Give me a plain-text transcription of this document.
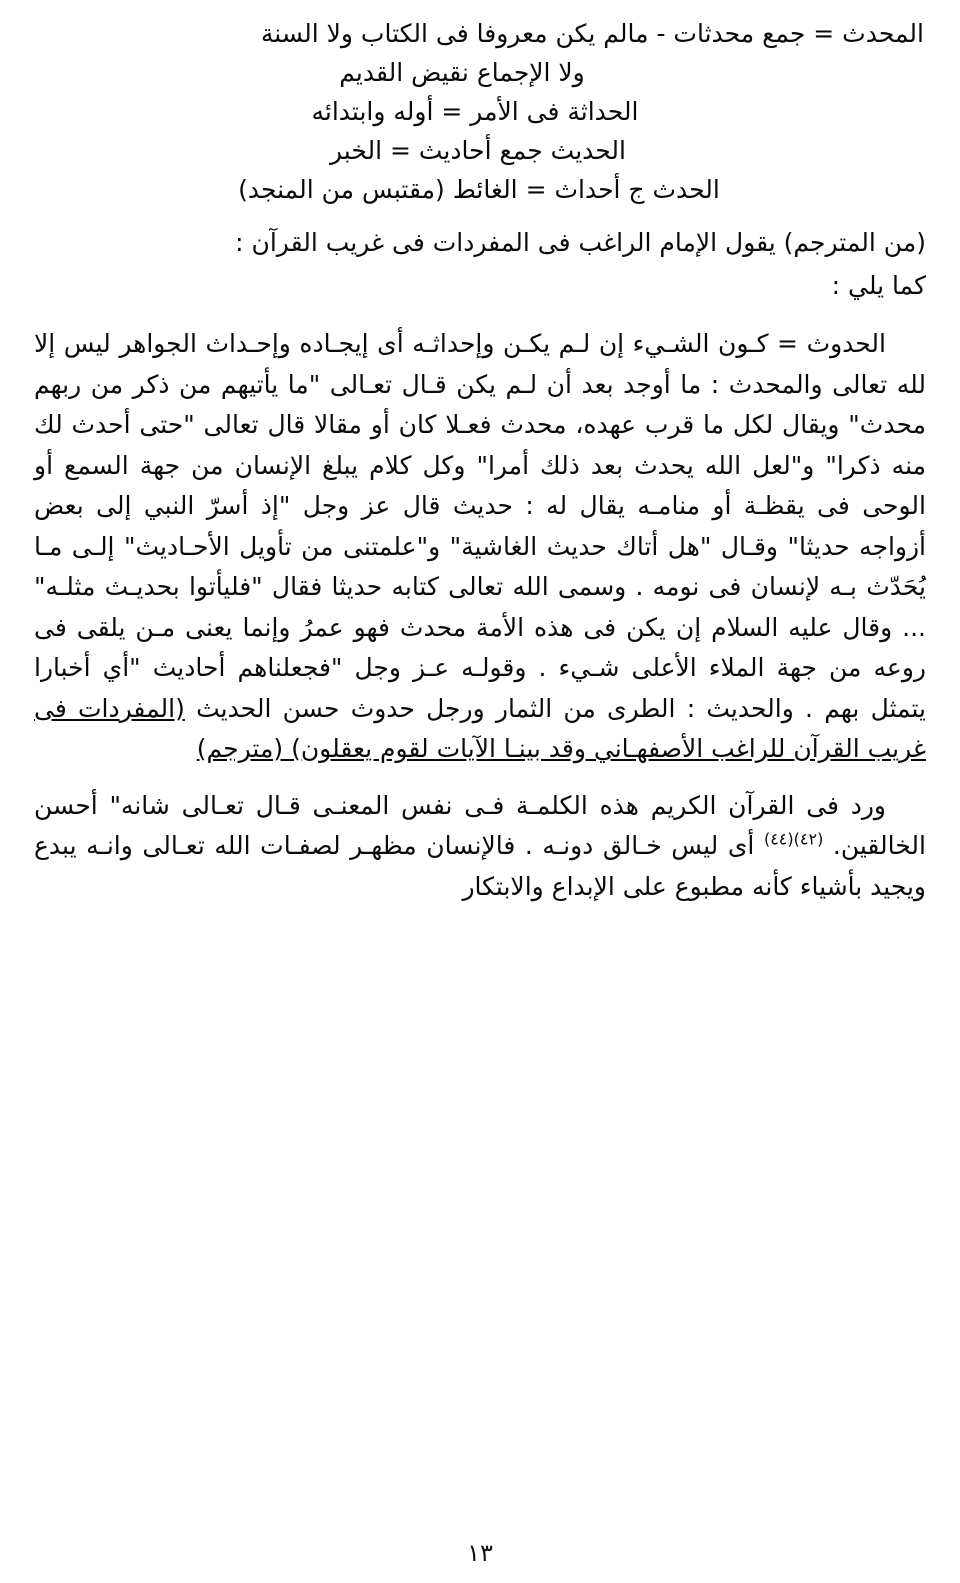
المحدث = جمع محدثات - مالم يكن معروفا فى الكتاب ولا السنة
ولا الإجماع نقيض القديم
الحداثة فى الأمر = أوله وابتدائه
الحديث جمع أحاديث = الخبر
الحدث ج أحداث = الغائط (مقتبس من المنجد)

(من المترجم) يقول الإمام الراغب فى المفردات فى غريب القرآن :

كما يلي :

الحدوث = كـون الشـيء إن لـم يكـن وإحداثـه أى إيجـاده وإحـداث الجواهر ليس إلا لله تعالى والمحدث : ما أوجد بعد أن لـم يكن قـال تعـالى "ما يأتيهم من ذكر من ربهم محدث" ويقال لكل ما قرب عهده، محدث فعـلا كان أو مقالا قال تعالى "حتى أحدث لك منه ذكرا" و"لعل الله يحدث بعد ذلك أمرا" وكل كلام يبلغ الإنسان من جهة السمع أو الوحى فى يقظـة أو منامـه يقال له : حديث قال عز وجل "إذ أسرّ النبي إلى بعض أزواجه حديثا" وقـال "هل أتاك حديث الغاشية" و"علمتنى من تأويل الأحـاديث" إلـى مـا يُحَدّث بـه لإنسان فى نومه . وسمى الله تعالى كتابه حديثا فقال "فليأتوا بحديـث مثلـه" ... وقال عليه السلام إن يكن فى هذه الأمة محدث فهو عمرُ وإنما يعنى مـن يلقى فى روعه من جهة الملاء الأعلى شـيء . وقولـه عـز وجل "فجعلناهم أحاديث "أي أخبارا يتمثل بهم . والحديث : الطرى من الثمار ورجل حدوث حسن الحديث (المفردات فى غريب القرآن للراغب الأصفهـاني وقد بينـا الآيات لقوم يعقلون) (مترجم)

ورد فى القرآن الكريم هذه الكلمـة فـى نفس المعنـى قـال تعـالى شانه" أحسن الخالقين. $^{(٤٢)(٤٤)}$ أى ليس خـالق دونـه . فالإنسان مظهـر لصفـات الله تعـالى وانـه يبدع ويجيد بأشياء كأنه مطبوع على الإبداع والابتكار

١٣
